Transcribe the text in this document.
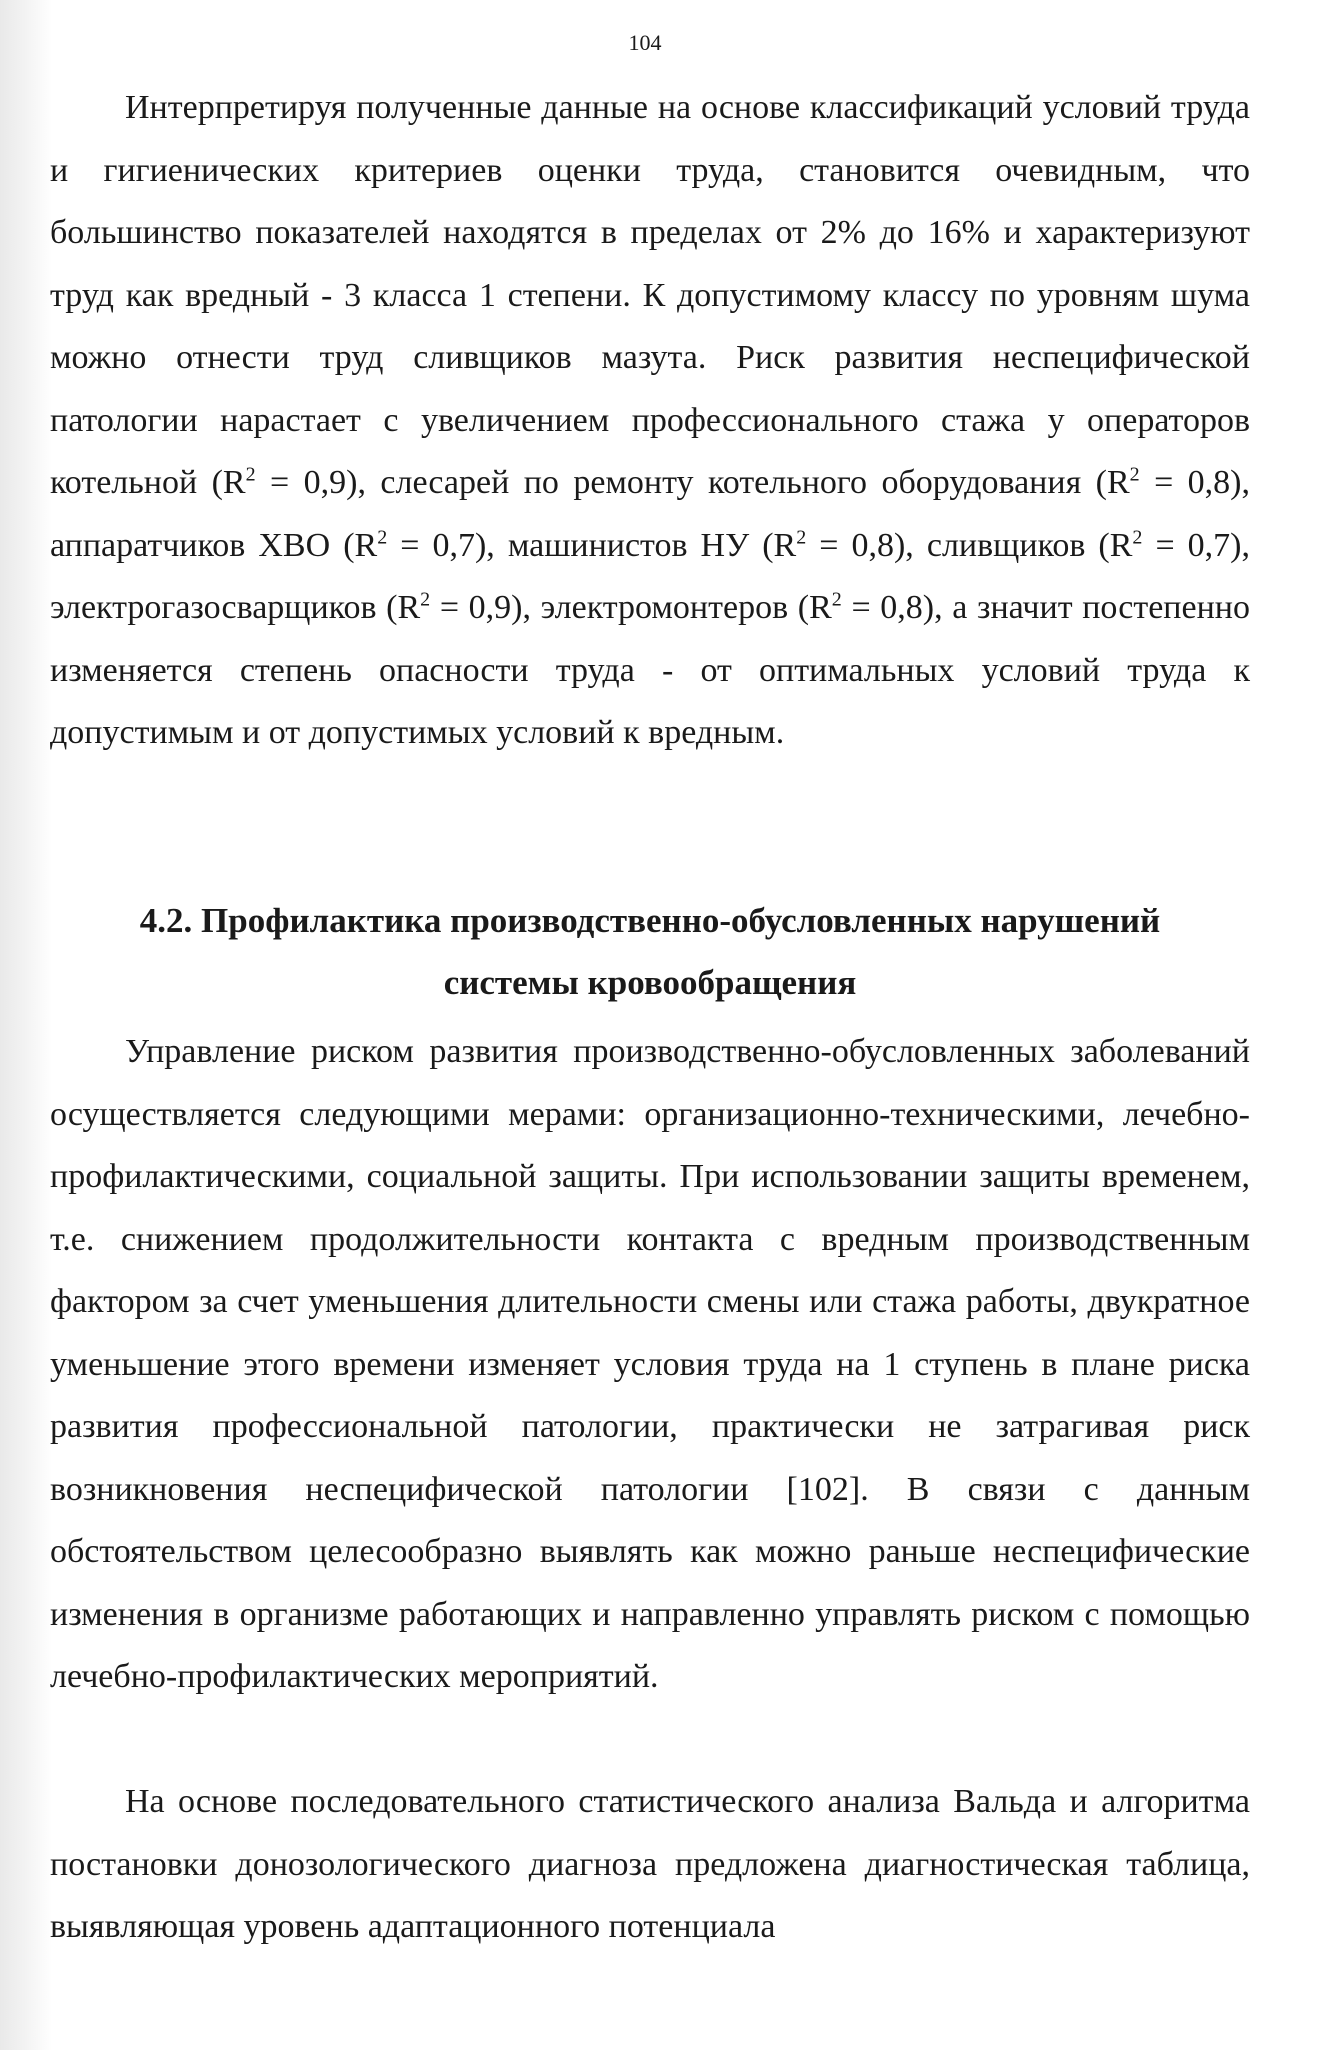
104

Интерпретируя полученные данные на основе классификаций условий труда и гигиенических критериев оценки труда, становится очевидным, что большинство показателей находятся в пределах от 2% до 16% и характеризуют труд как вредный - 3 класса 1 степени. К допустимому классу по уровням шума можно отнести труд сливщиков мазута. Риск развития неспецифической патологии нарастает с увеличением профессионального стажа у операторов котельной $(R^2 = 0,9)$, слесарей по ремонту котельного оборудования $(R^2 = 0,8)$, аппаратчиков ХВО $(R^2 = 0,7)$, машинистов НУ $(R^2 = 0,8)$, сливщиков $(R^2 = 0,7)$, электрогазосварщиков $(R^2 = 0,9)$, электромонтеров $(R^2 = 0,8)$, а значит постепенно изменяется степень опасности труда - от оптимальных условий труда к допустимым и от допустимых условий к вредным.

4.2. Профилактика производственно-обусловленных нарушений
системы кровообращения

Управление риском развития производственно-обусловленных заболеваний осуществляется следующими мерами: организационно-техническими, лечебно-профилактическими, социальной защиты. При использовании защиты временем, т.е. снижением продолжительности контакта с вредным производственным фактором за счет уменьшения длительности смены или стажа работы, двукратное уменьшение этого времени изменяет условия труда на 1 ступень в плане риска развития профессиональной патологии, практически не затрагивая риск возникновения неспецифической патологии [102]. В связи с данным обстоятельством целесообразно выявлять как можно раньше неспецифические изменения в организме работающих и направленно управлять риском с помощью лечебно-профилактических мероприятий.

На основе последовательного статистического анализа Вальда и алгоритма постановки донозологического диагноза предложена диагностическая таблица, выявляющая уровень адаптационного потенциала
